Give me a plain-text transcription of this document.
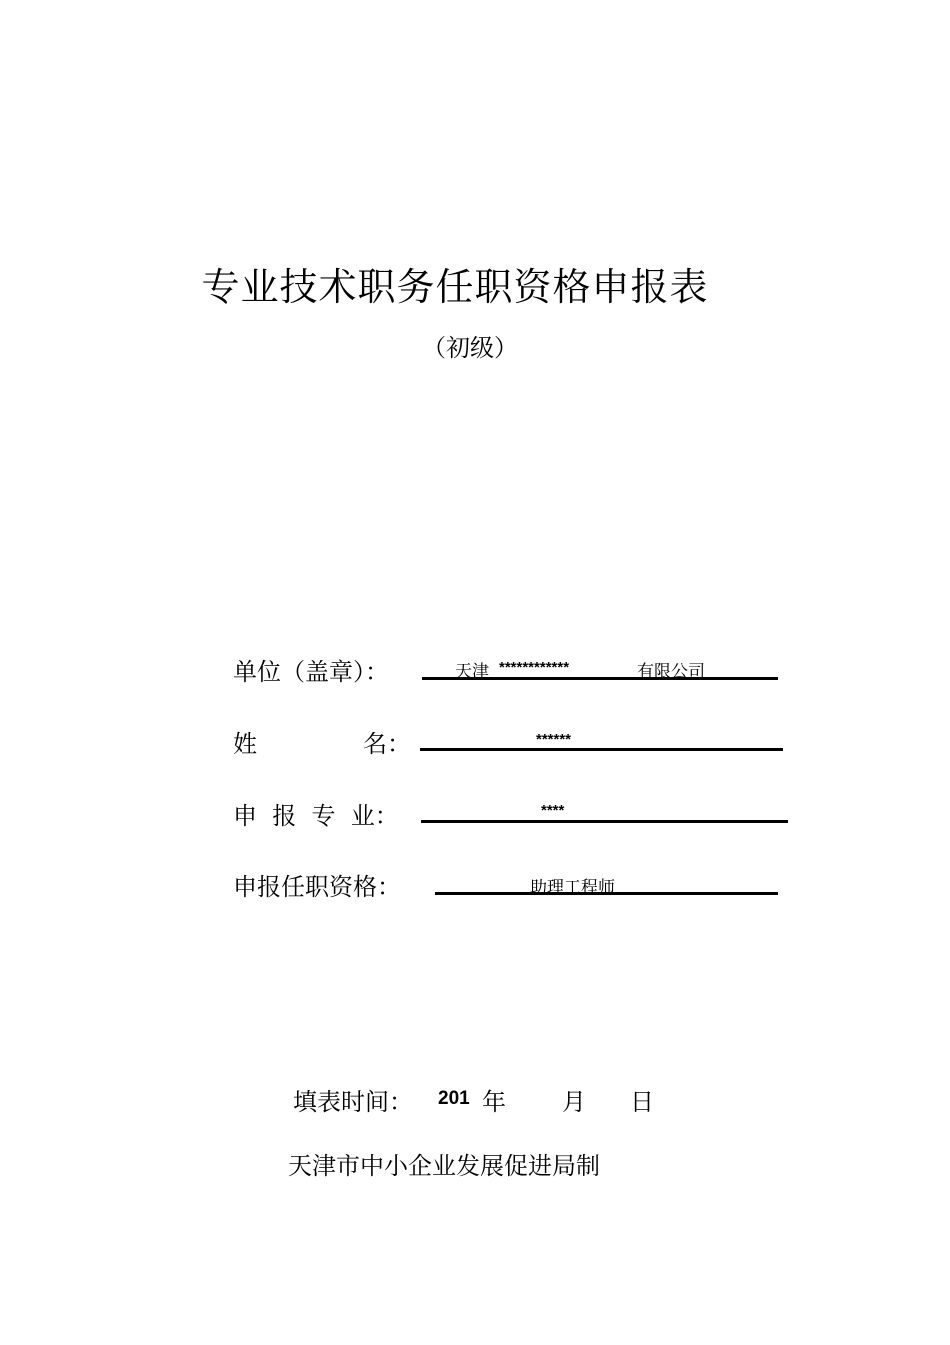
专业技术职务任职资格申报表
（初级）
单位（盖章）：	天津 ************	有限公司
姓	名：	******
申  报  专  业：	****
申报任职资格：	助理工程师
填表时间： 201 年 月 日
天津市中小企业发展促进局制
